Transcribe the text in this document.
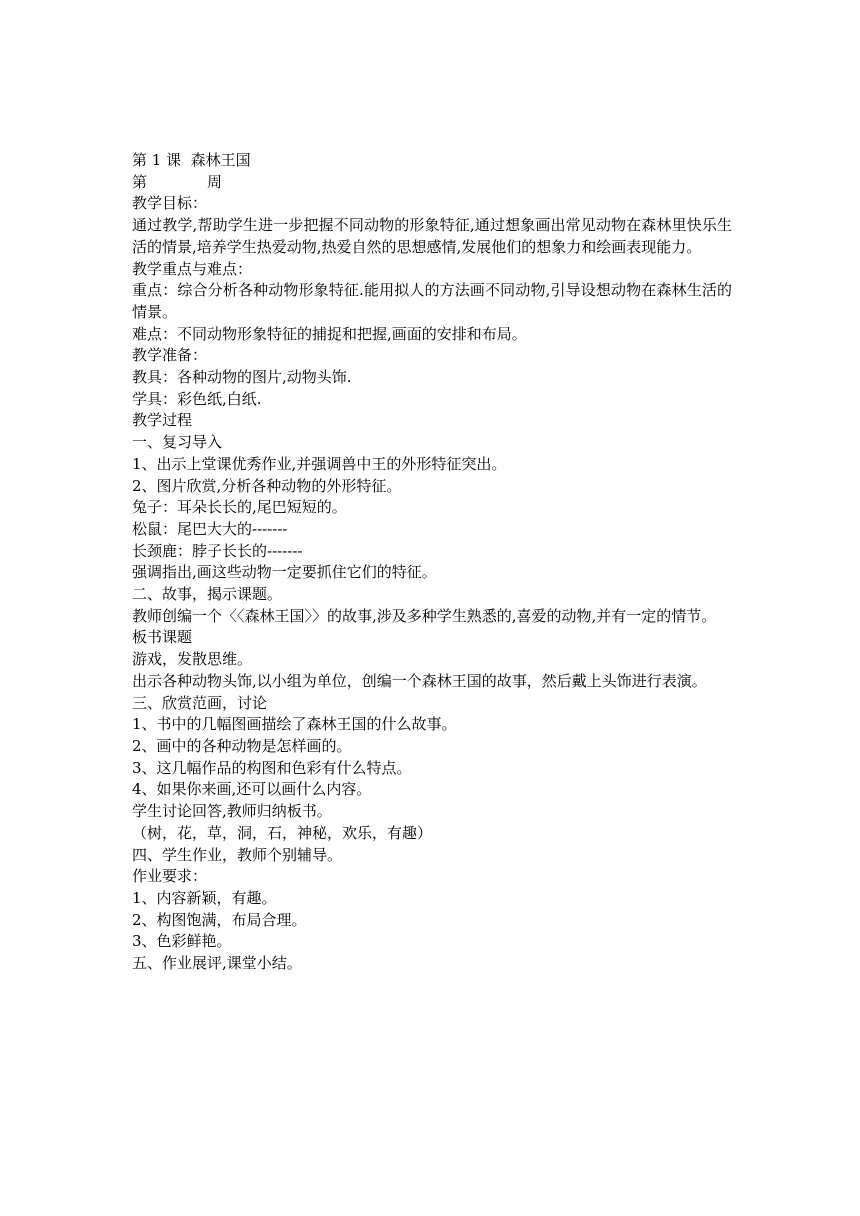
第 1 课  森林王国
第	周
教学目标：
通过教学,帮助学生进一步把握不同动物的形象特征,通过想象画出常见动物在森林里快乐生活的情景,培养学生热爱动物,热爱自然的思想感情,发展他们的想象力和绘画表现能力。
教学重点与难点：
重点：综合分析各种动物形象特征.能用拟人的方法画不同动物,引导设想动物在森林生活的情景。
难点：不同动物形象特征的捕捉和把握,画面的安排和布局。
教学准备：
教具：各种动物的图片,动物头饰.
学具：彩色纸,白纸.
教学过程
一、复习导入
1、出示上堂课优秀作业,并强调兽中王的外形特征突出。
2、图片欣赏,分析各种动物的外形特征。
兔子：耳朵长长的,尾巴短短的。
松鼠：尾巴大大的-------
长颈鹿：脖子长长的-------
强调指出,画这些动物一定要抓住它们的特征。
二、故事，揭示课题。
教师创编一个〈〈森林王国〉〉的故事,涉及多种学生熟悉的,喜爱的动物,并有一定的情节。
板书课题
游戏，发散思维。
出示各种动物头饰,以小组为单位，创编一个森林王国的故事，然后戴上头饰进行表演。
三、欣赏范画，讨论
1、书中的几幅图画描绘了森林王国的什么故事。
2、画中的各种动物是怎样画的。
3、这几幅作品的构图和色彩有什么特点。
4、如果你来画,还可以画什么内容。
学生讨论回答,教师归纳板书。
（树，花，草，洞，石，神秘，欢乐，有趣）
四、学生作业，教师个别辅导。
作业要求：
1、内容新颖，有趣。
2、构图饱满，布局合理。
3、色彩鲜艳。
五、作业展评,课堂小结。
